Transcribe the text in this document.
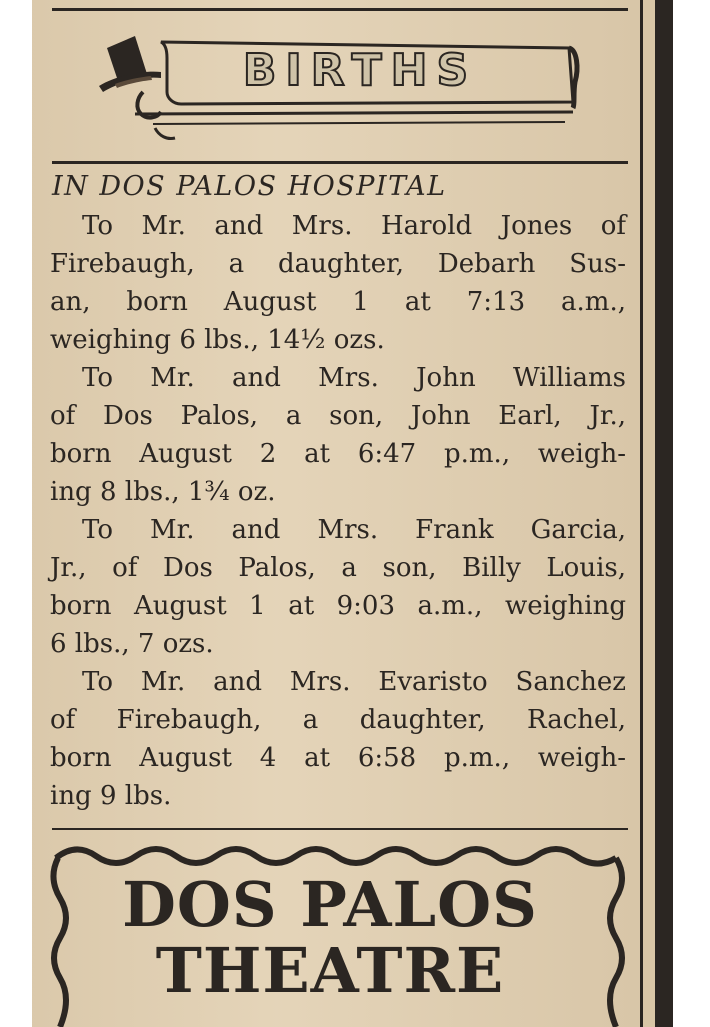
BIRTHS
IN DOS PALOS HOSPITAL

To Mr. and Mrs. Harold Jones of
Firebaugh, a daughter, Debarh Sus-
an, born August 1 at 7:13 a.m.,
weighing 6 lbs., 14½ ozs.

To Mr. and Mrs. John Williams
of Dos Palos, a son, John Earl, Jr.,
born August 2 at 6:47 p.m., weigh-
ing 8 lbs., 1¾ oz.

To Mr. and Mrs. Frank Garcia,
Jr., of Dos Palos, a son, Billy Louis,
born August 1 at 9:03 a.m., weighing
6 lbs., 7 ozs.

To Mr. and Mrs. Evaristo Sanchez
of Firebaugh, a daughter, Rachel,
born August 4 at 6:58 p.m., weigh-
ing 9 lbs.

DOS PALOS
THEATRE
